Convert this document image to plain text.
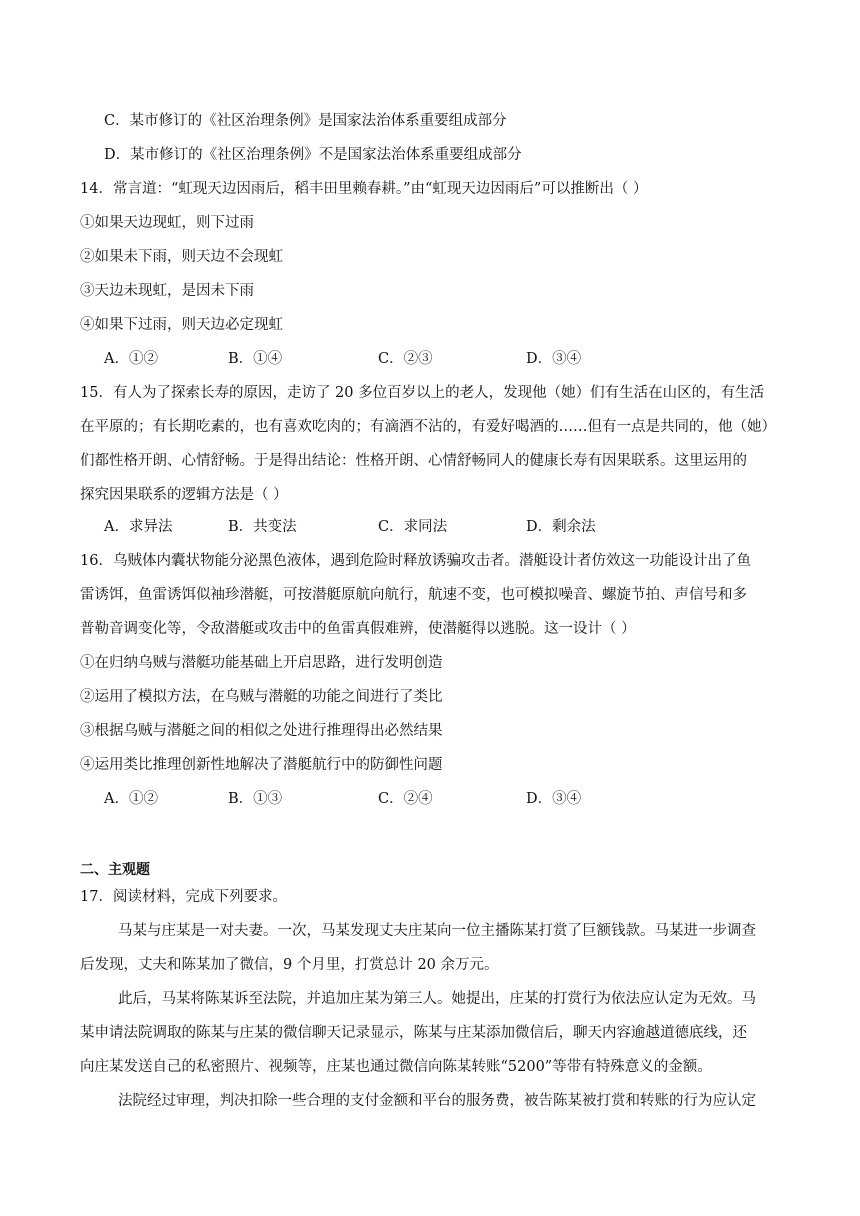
C．某市修订的《社区治理条例》是国家法治体系重要组成部分
D．某市修订的《社区治理条例》不是国家法治体系重要组成部分
14．常言道：“虹现天边因雨后，稻丰田里赖春耕。”由“虹现天边因雨后”可以推断出（ ）
①如果天边现虹，则下过雨
②如果未下雨，则天边不会现虹
③天边未现虹，是因未下雨
④如果下过雨，则天边必定现虹
A．①②	B．①④	C．②③	D．③④
15．有人为了探索长寿的原因，走访了 20 多位百岁以上的老人，发现他（她）们有生活在山区的，有生活
在平原的；有长期吃素的，也有喜欢吃肉的；有滴酒不沾的，有爱好喝酒的……但有一点是共同的，他（她）
们都性格开朗、心情舒畅。于是得出结论：性格开朗、心情舒畅同人的健康长寿有因果联系。这里运用的
探究因果联系的逻辑方法是（ ）
A．求异法	B．共变法	C．求同法	D．剩余法
16．乌贼体内囊状物能分泌黑色液体，遇到危险时释放诱骗攻击者。潜艇设计者仿效这一功能设计出了鱼
雷诱饵，鱼雷诱饵似袖珍潜艇，可按潜艇原航向航行，航速不变，也可模拟噪音、螺旋节拍、声信号和多
普勒音调变化等，令敌潜艇或攻击中的鱼雷真假难辨，使潜艇得以逃脱。这一设计（ ）
①在归纳乌贼与潜艇功能基础上开启思路，进行发明创造
②运用了模拟方法，在乌贼与潜艇的功能之间进行了类比
③根据乌贼与潜艇之间的相似之处进行推理得出必然结果
④运用类比推理创新性地解决了潜艇航行中的防御性问题
A．①②	B．①③	C．②④	D．③④
二、主观题
17．阅读材料，完成下列要求。
马某与庄某是一对夫妻。一次，马某发现丈夫庄某向一位主播陈某打赏了巨额钱款。马某进一步调查
后发现，丈夫和陈某加了微信，9 个月里，打赏总计 20 余万元。
此后，马某将陈某诉至法院，并追加庄某为第三人。她提出，庄某的打赏行为依法应认定为无效。马
某申请法院调取的陈某与庄某的微信聊天记录显示，陈某与庄某添加微信后，聊天内容逾越道德底线，还
向庄某发送自己的私密照片、视频等，庄某也通过微信向陈某转账“5200”等带有特殊意义的金额。
法院经过审理，判决扣除一些合理的支付金额和平台的服务费，被告陈某被打赏和转账的行为应认定
